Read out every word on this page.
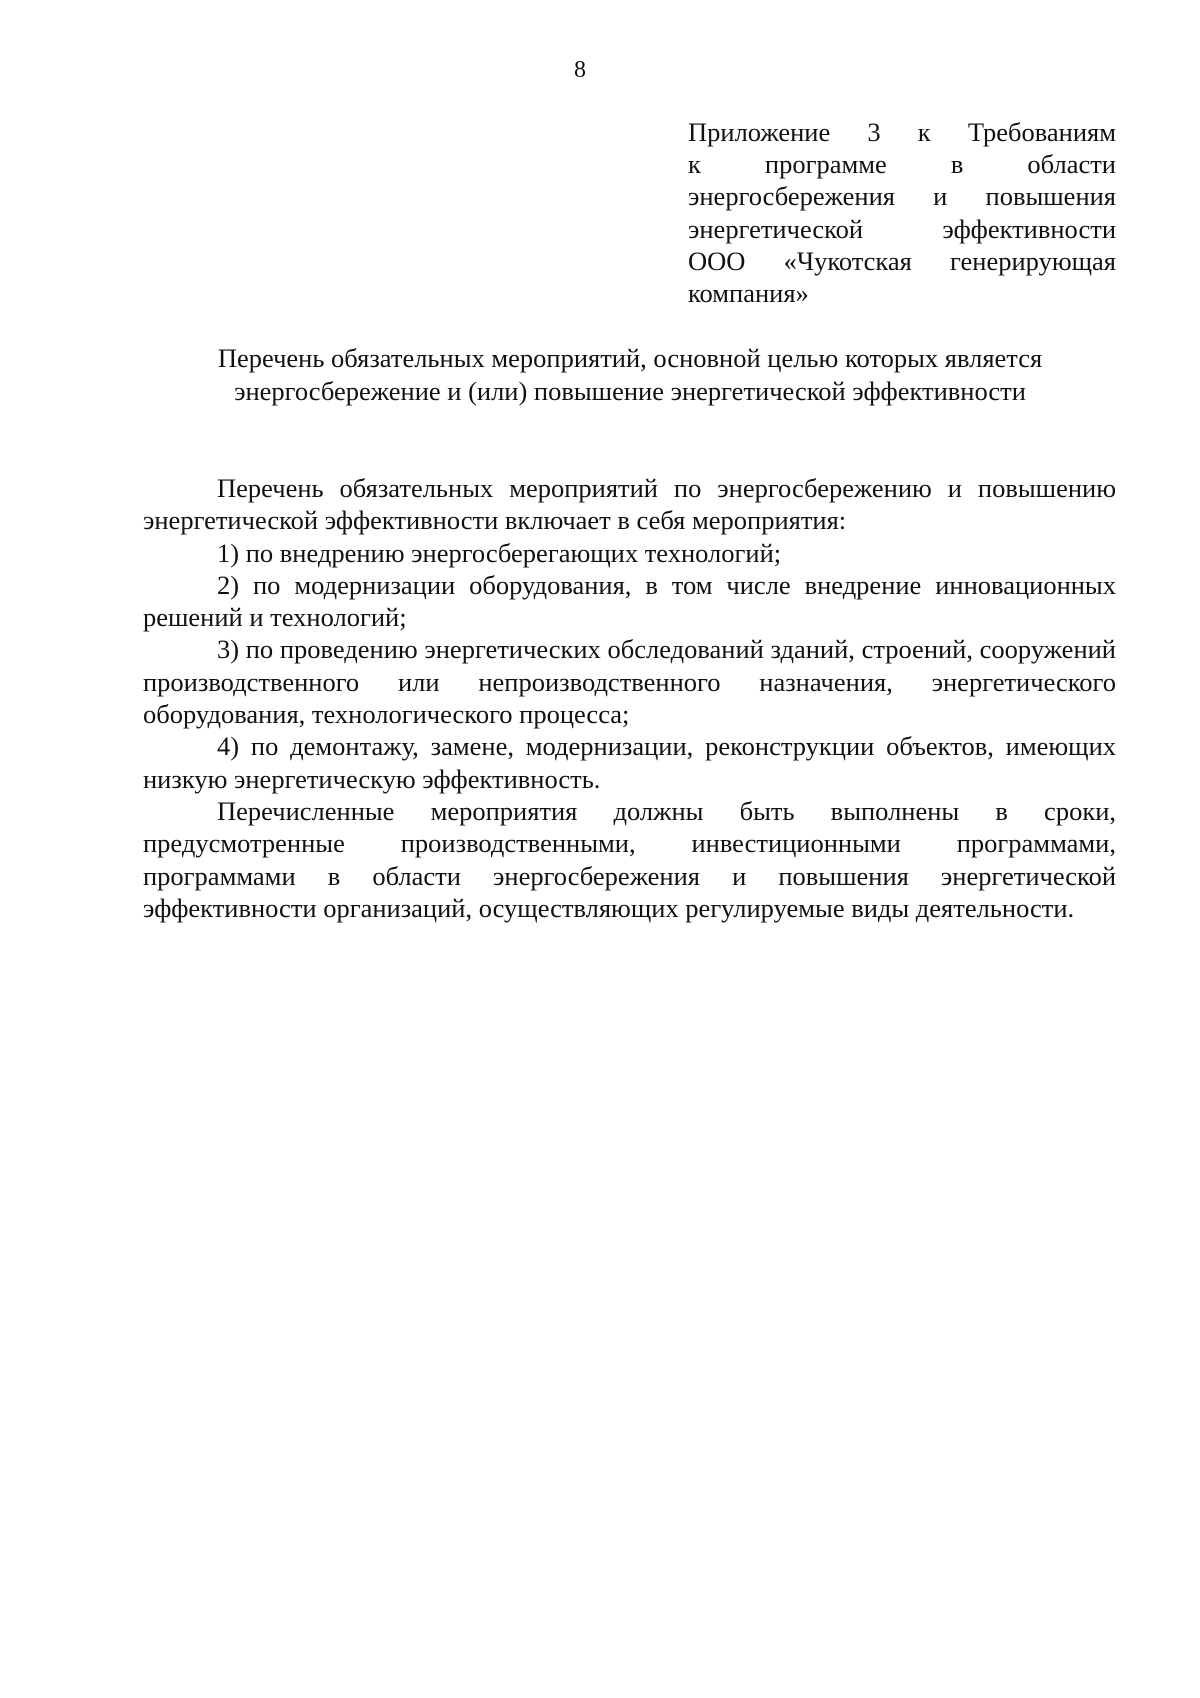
8
Приложение 3 к Требованиям
к программе в области
энергосбережения и повышения
энергетической эффективности
ООО «Чукотская генерирующая
компания»
Перечень обязательных мероприятий, основной целью которых является
энергосбережение и (или) повышение энергетической эффективности

Перечень обязательных мероприятий по энергосбережению и повышению энергетической эффективности включает в себя мероприятия:

1) по внедрению энергосберегающих технологий;

2) по модернизации оборудования, в том числе внедрение инновационных решений и технологий;

3) по проведению энергетических обследований зданий, строений, сооружений производственного или непроизводственного назначения, энергетического оборудования, технологического процесса;

4) по демонтажу, замене, модернизации, реконструкции объектов, имеющих низкую энергетическую эффективность.

Перечисленные мероприятия должны быть выполнены в сроки, предусмотренные производственными, инвестиционными программами, программами в области энергосбережения и повышения энергетической эффективности организаций, осуществляющих регулируемые виды деятельности.
